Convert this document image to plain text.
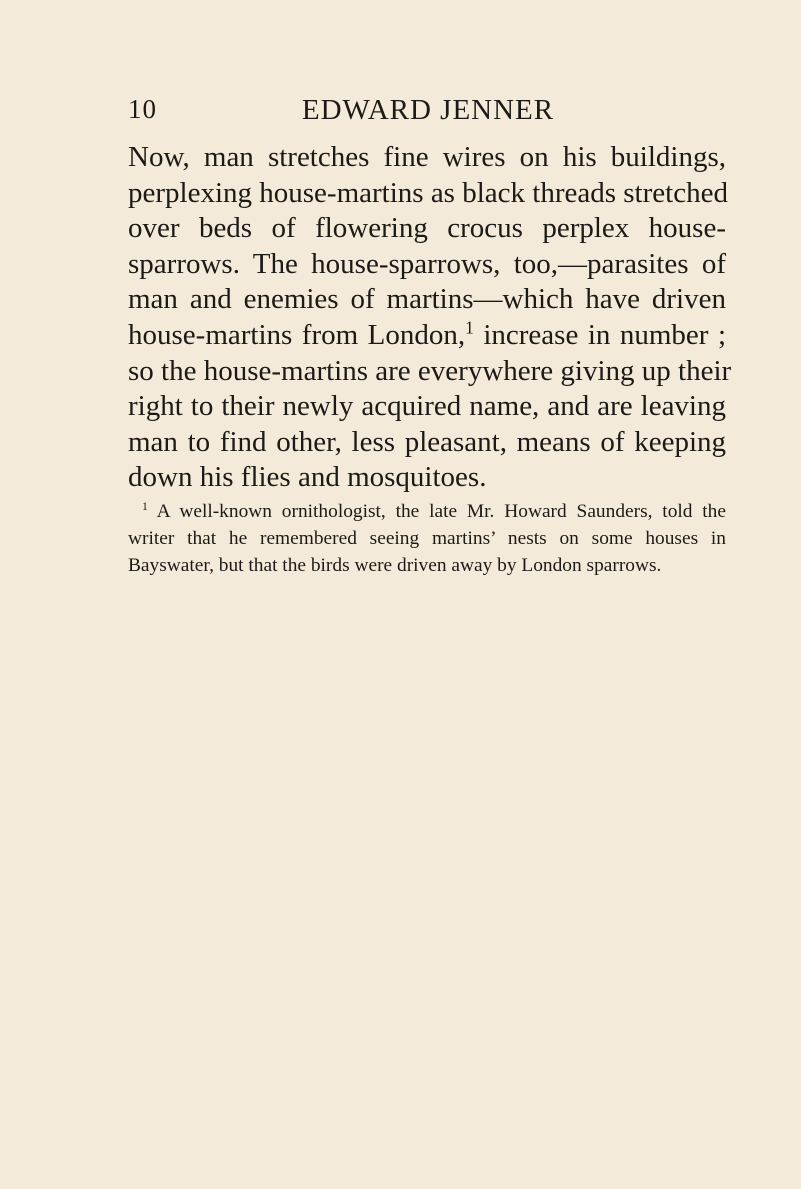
10	EDWARD JENNER
Now, man stretches fine wires on his buildings,
perplexing house-martins as black threads stretched
over beds of flowering crocus perplex house-
sparrows. The house-sparrows, too,—parasites of
man and enemies of martins—which have driven
house-martins from London,$^1$ increase in number ;
so the house-martins are everywhere giving up their
right to their newly acquired name, and are leaving
man to find other, less pleasant, means of keeping
down his flies and mosquitoes.
$^1$ A well-known ornithologist, the late Mr. Howard Saunders, told the
writer that he remembered seeing martins’ nests on some houses in
Bayswater, but that the birds were driven away by London sparrows.
